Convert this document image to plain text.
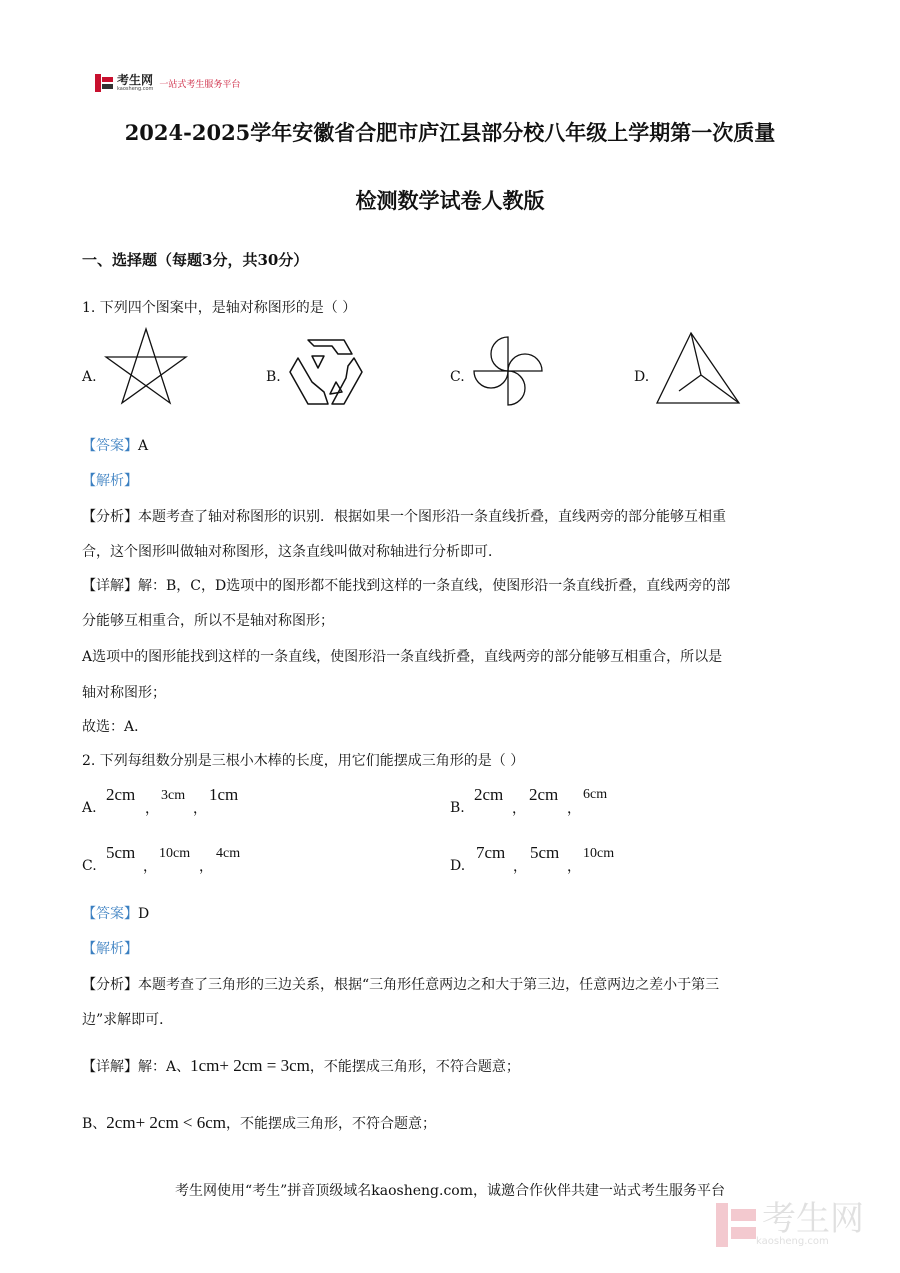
考生网
kaosheng.com 一站式考生服务平台
2024-2025学年安徽省合肥市庐江县部分校八年级上学期第一次质量
检测数学试卷人教版
一、选择题（每题3分，共30分）
1. 下列四个图案中，是轴对称图形的是（ ）
A.	B.	C.	D.
【答案】A
【解析】
【分析】本题考查了轴对称图形的识别．根据如果一个图形沿一条直线折叠，直线两旁的部分能够互相重
合，这个图形叫做轴对称图形，这条直线叫做对称轴进行分析即可．
【详解】解：B，C，D选项中的图形都不能找到这样的一条直线，使图形沿一条直线折叠，直线两旁的部
分能够互相重合，所以不是轴对称图形；
A选项中的图形能找到这样的一条直线，使图形沿一条直线折叠，直线两旁的部分能够互相重合，所以是
轴对称图形；
故选：A．
2. 下列每组数分别是三根小木棒的长度，用它们能摆成三角形的是（ ）
A.
2cm
，
3cm
，
1cm
B.
2cm
，
2cm
，
6cm
C.
5cm
，
10cm
，
4cm
D.
7cm
，
5cm
，
10cm
【答案】D
【解析】
【分析】本题考查了三角形的三边关系，根据“三角形任意两边之和大于第三边，任意两边之差小于第三
边”求解即可．
【详解】解：A、1cm+ 2cm = 3cm，不能摆成三角形，不符合题意；
B、2cm+ 2cm < 6cm，不能摆成三角形，不符合题意；
考生网使用“考生”拼音顶级域名kaosheng.com，诚邀合作伙伴共建一站式考生服务平台
考生网
kaosheng.com
